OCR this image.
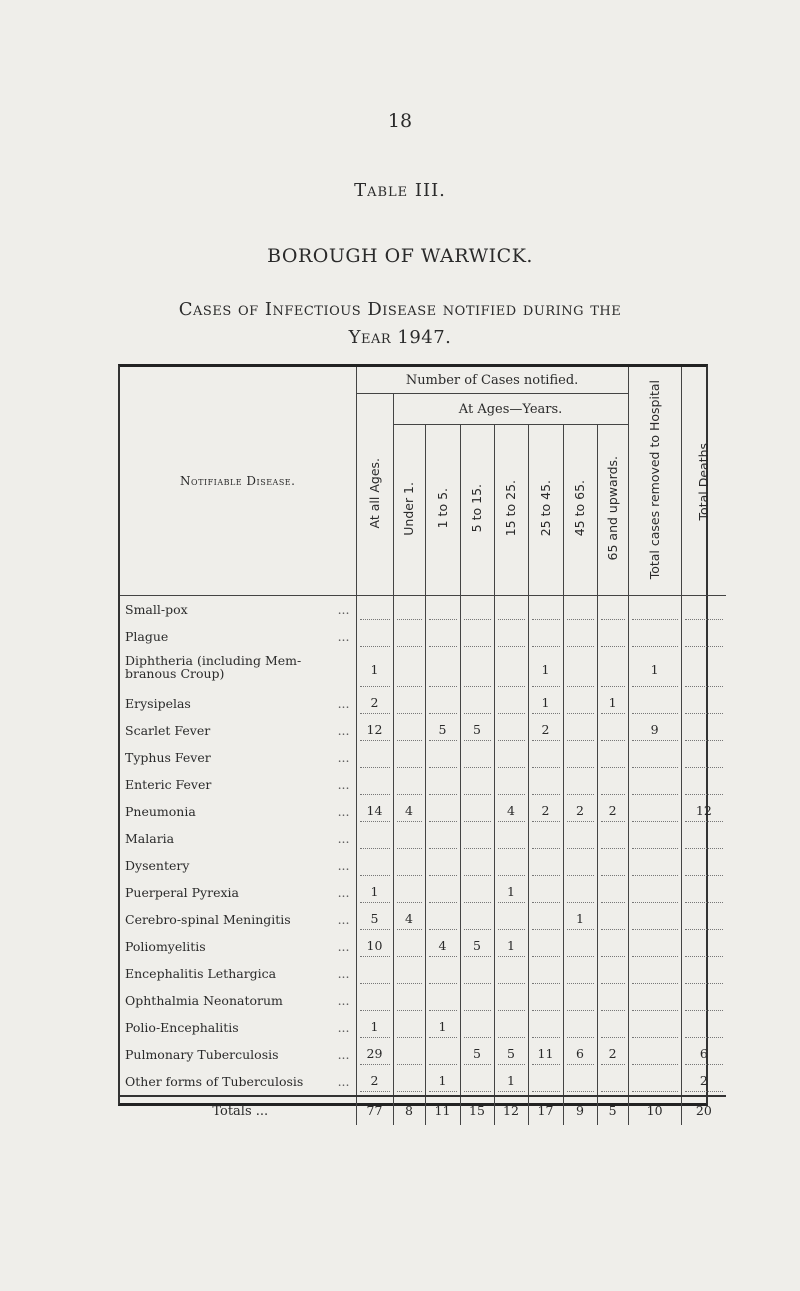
18
Table III.
BOROUGH OF WARWICK.
Cases of Infectious Disease notified during the
Year 1947.
Notifiable Disease.	Number of Cases notified.								Total cases removed to Hospital	Total Deaths.
	At all Ages.	At Ages—Years.								
		Under 1.	1 to 5.	5 to 15.	15 to 25.	25 to 45.	45 to 65.	65 and upwards.		
Small-pox ...										

Plague ...										

Diphtheria (including Mem-
branous Croup)	1					1			1	

Erysipelas ...	2					1		1	

Scarlet Fever ...	12		5	5		2			9	

Typhus Fever ...										

Enteric Fever ...										

Pneumonia ...	14	4			4	2	2	2		12
Malaria ...										

Dysentery ...										

Puerperal Pyrexia ...	1				1	

Cerebro-spinal Meningitis ...	5	4					1	

Poliomyelitis ...	10		4	5	1	

Encephalitis Lethargica ...										

Ophthalmia Neonatorum ...										

Polio-Encephalitis ...	1		1	

Pulmonary Tuberculosis ...	29			5	5	11	6	2		6
Other forms of Tuberculosis ...	2		1		1					2
Totals ...	77	8	11	15	12	17	9	5	10	20
